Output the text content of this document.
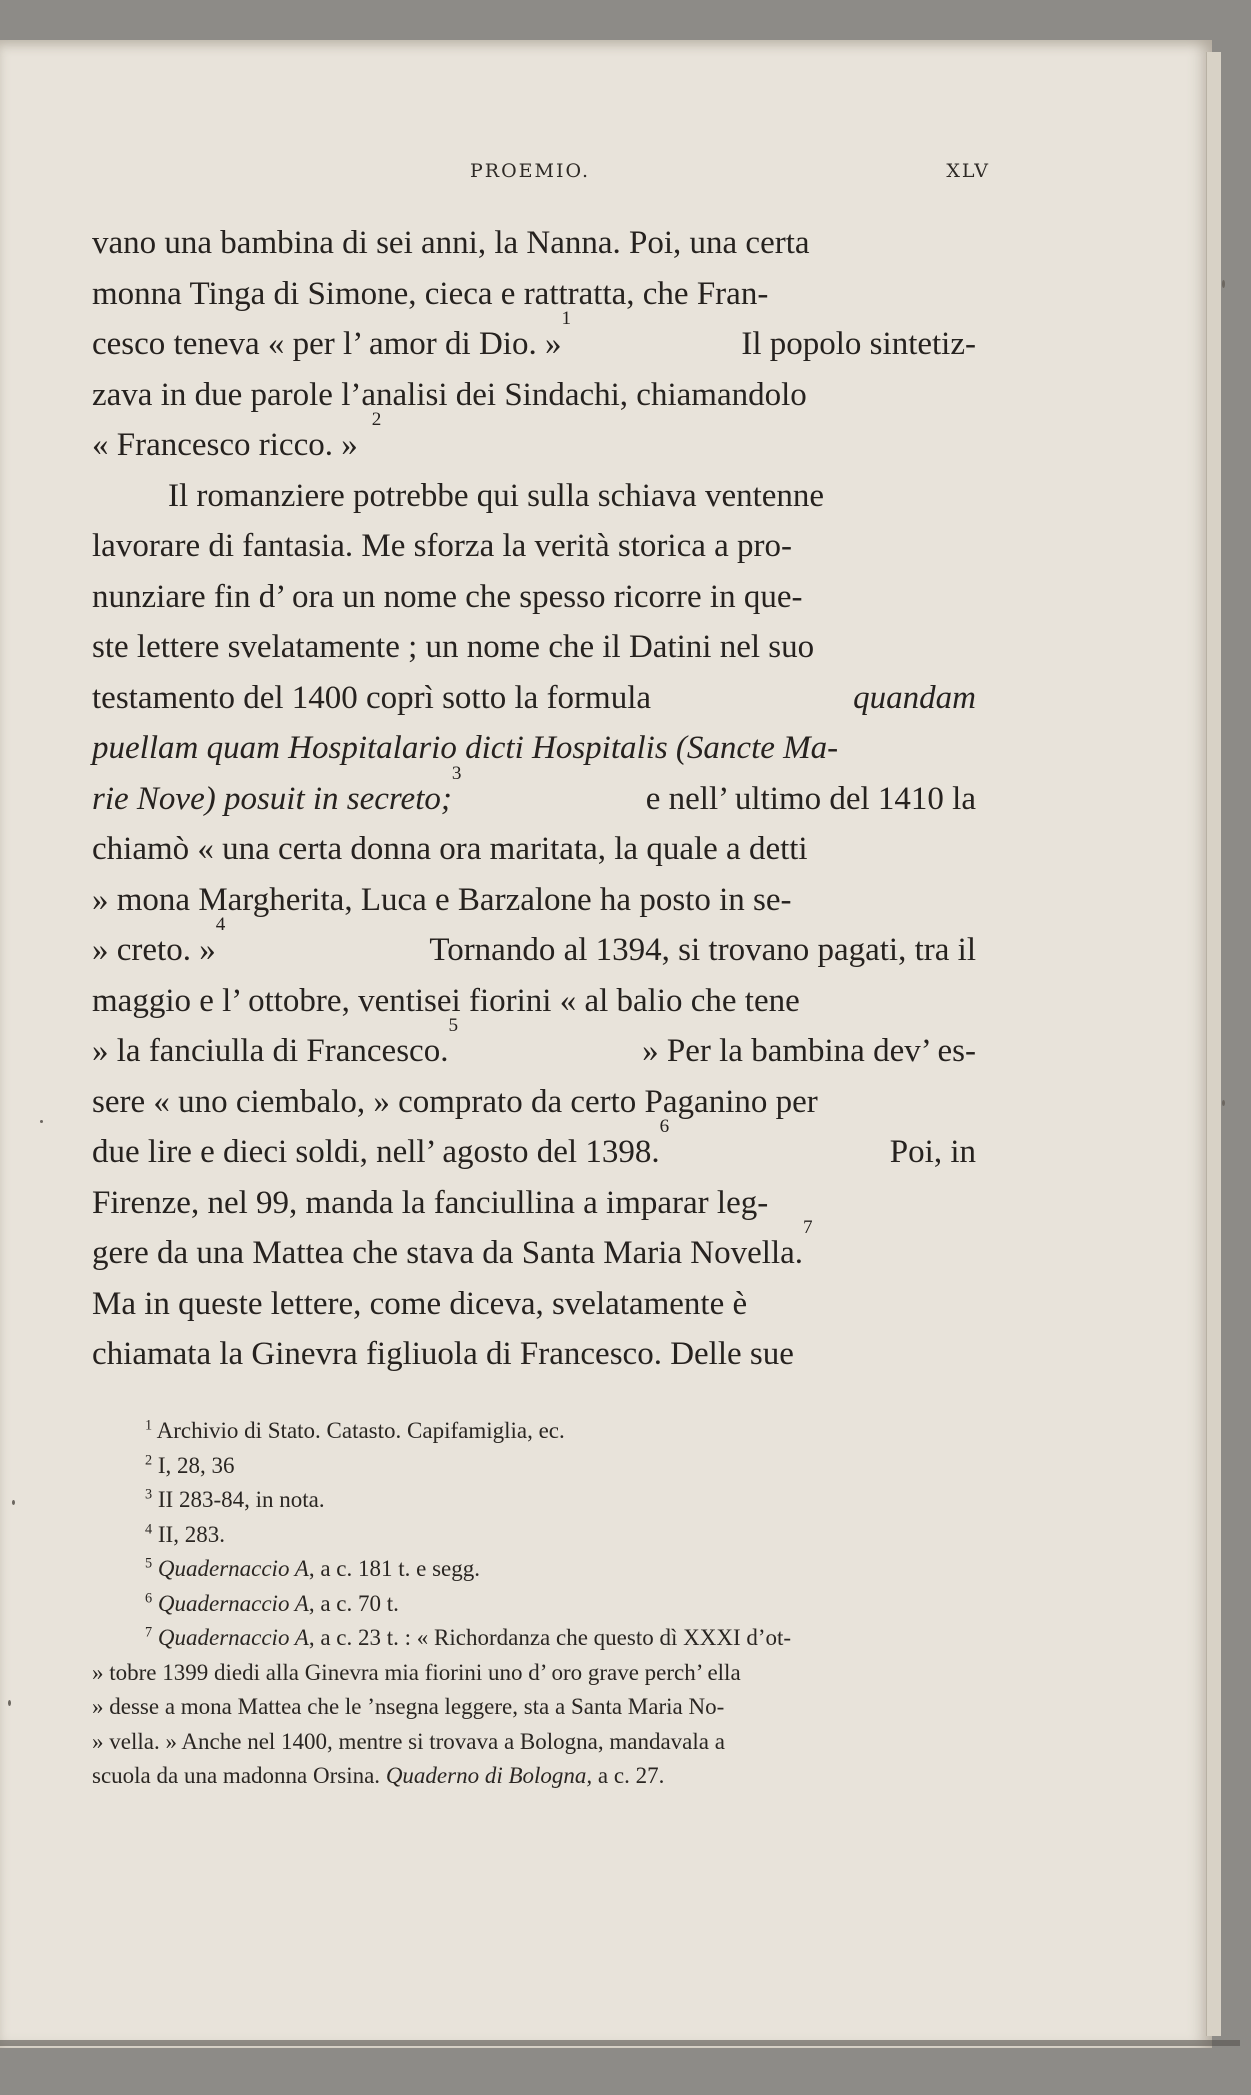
PROEMIO.	XLV
vano una bambina di sei anni, la Nanna. Poi, una certa
monna Tinga di Simone, cieca e rattratta, che Fran-
cesco teneva « per l’ amor di Dio. »
1
Il popolo sintetiz-
zava in due parole l’analisi dei Sindachi, chiamandolo
« Francesco ricco. »
2
Il romanziere potrebbe qui sulla schiava ventenne
lavorare di fantasia. Me sforza la verità storica a pro-
nunziare fin d’ ora un nome che spesso ricorre in que-
ste lettere svelatamente ; un nome che il Datini nel suo
testamento del 1400 coprì sotto la formula	quandam
puellam quam Hospitalario dicti Hospitalis (Sancte Ma-
rie Nove) posuit in secreto;
3
e nell’ ultimo del 1410 la
chiamò « una certa donna ora maritata, la quale a detti
» mona Margherita, Luca e Barzalone ha posto in se-
» creto. »
4
Tornando al 1394, si trovano pagati, tra il
maggio e l’ ottobre, ventisei fiorini « al balio che tene
» la fanciulla di Francesco.
5
» Per la bambina dev’ es-
sere « uno ciembalo, » comprato da certo Paganino per
due lire e dieci soldi, nell’ agosto del 1398.
6
Poi, in
Firenze, nel 99, manda la fanciullina a imparar leg-
gere da una Mattea che stava da Santa Maria Novella.
7
Ma in queste lettere, come diceva, svelatamente è
chiamata la Ginevra figliuola di Francesco. Delle sue
$^1$ Archivio di Stato. Catasto. Capifamiglia, ec.
$^2$ I, 28, 36
$^3$ II 283-84, in nota.
$^4$ II, 283.
$^5$ Quadernaccio A, a c. 181 t. e segg.
$^6$ Quadernaccio A, a c. 70 t.
$^7$ Quadernaccio A, a c. 23 t. : « Richordanza che questo dì XXXI d’ot-
» tobre 1399 diedi alla Ginevra mia fiorini uno d’ oro grave perch’ ella
» desse a mona Mattea che le ’nsegna leggere, sta a Santa Maria No-
» vella. » Anche nel 1400, mentre si trovava a Bologna, mandavala a
scuola da una madonna Orsina. Quaderno di Bologna, a c. 27.
